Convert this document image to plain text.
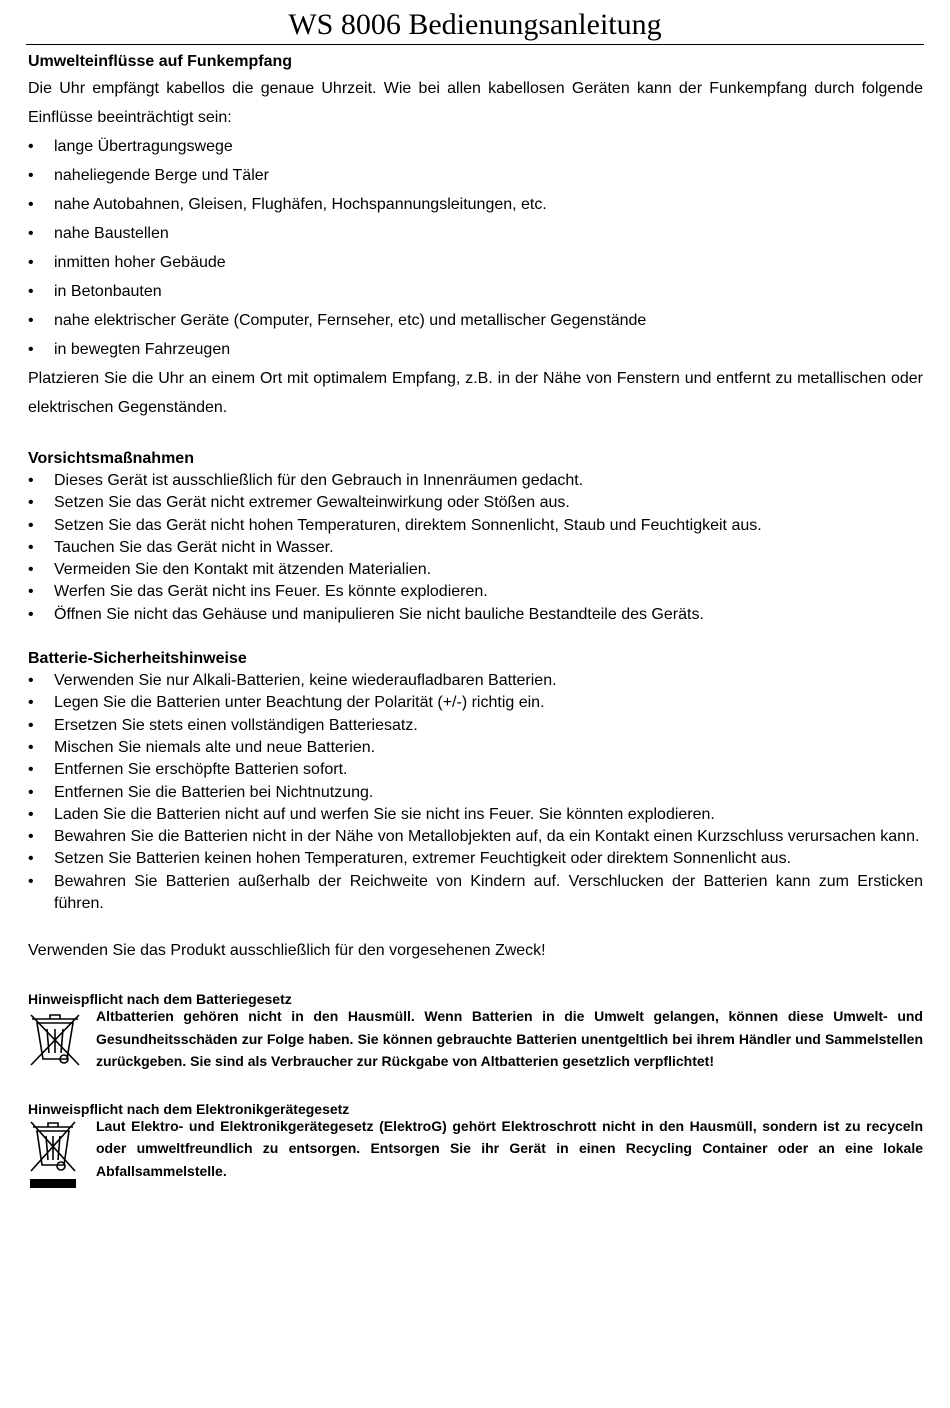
WS 8006 Bedienungsanleitung
Umwelteinflüsse auf Funkempfang
Die Uhr empfängt kabellos die genaue Uhrzeit. Wie bei allen kabellosen Geräten kann der Funkempfang durch folgende Einflüsse beeinträchtigt sein:
• lange Übertragungswege
• naheliegende Berge und Täler
• nahe Autobahnen, Gleisen, Flughäfen, Hochspannungsleitungen, etc.
• nahe Baustellen
• inmitten hoher Gebäude
• in Betonbauten
• nahe elektrischer Geräte (Computer, Fernseher, etc) und metallischer Gegenstände
• in bewegten Fahrzeugen
Platzieren Sie die Uhr an einem Ort mit optimalem Empfang, z.B. in der Nähe von Fenstern und entfernt zu metallischen oder elektrischen Gegenständen.
Vorsichtsmaßnahmen
• Dieses Gerät ist ausschließlich für den Gebrauch in Innenräumen gedacht.
• Setzen Sie das Gerät nicht extremer Gewalteinwirkung oder Stößen aus.
• Setzen Sie das Gerät nicht hohen Temperaturen, direktem Sonnenlicht, Staub und Feuchtigkeit aus.
• Tauchen Sie das Gerät nicht in Wasser.
• Vermeiden Sie den Kontakt mit ätzenden Materialien.
• Werfen Sie das Gerät nicht ins Feuer. Es könnte explodieren.
• Öffnen Sie nicht das Gehäuse und manipulieren Sie nicht bauliche Bestandteile des Geräts.
Batterie-Sicherheitshinweise
• Verwenden Sie nur Alkali-Batterien, keine wiederaufladbaren Batterien.
• Legen Sie die Batterien unter Beachtung der Polarität (+/-) richtig ein.
• Ersetzen Sie stets einen vollständigen Batteriesatz.
• Mischen Sie niemals alte und neue Batterien.
• Entfernen Sie erschöpfte Batterien sofort.
• Entfernen Sie die Batterien bei Nichtnutzung.
• Laden Sie die Batterien nicht auf und werfen Sie sie nicht ins Feuer. Sie könnten explodieren.
• Bewahren Sie die Batterien nicht in der Nähe von Metallobjekten auf, da ein Kontakt einen Kurzschluss verursachen kann.
• Setzen Sie Batterien keinen hohen Temperaturen, extremer Feuchtigkeit oder direktem Sonnenlicht aus.
• Bewahren Sie Batterien außerhalb der Reichweite von Kindern auf. Verschlucken der Batterien kann zum Ersticken führen.
Verwenden Sie das Produkt ausschließlich für den vorgesehenen Zweck!
Hinweispflicht nach dem Batteriegesetz
Altbatterien gehören nicht in den Hausmüll. Wenn Batterien in die Umwelt gelangen, können diese Umwelt- und Gesundheitsschäden zur Folge haben. Sie können gebrauchte Batterien unentgeltlich bei ihrem Händler und Sammelstellen zurückgeben. Sie sind als Verbraucher zur Rückgabe von Altbatterien gesetzlich verpflichtet!
Hinweispflicht nach dem Elektronikgerätegesetz
Laut Elektro- und Elektronikgerätegesetz (ElektroG) gehört Elektroschrott nicht in den Hausmüll, sondern ist zu recyceln oder umweltfreundlich zu entsorgen. Entsorgen Sie ihr Gerät in einen Recycling Container oder an eine lokale Abfallsammelstelle.
